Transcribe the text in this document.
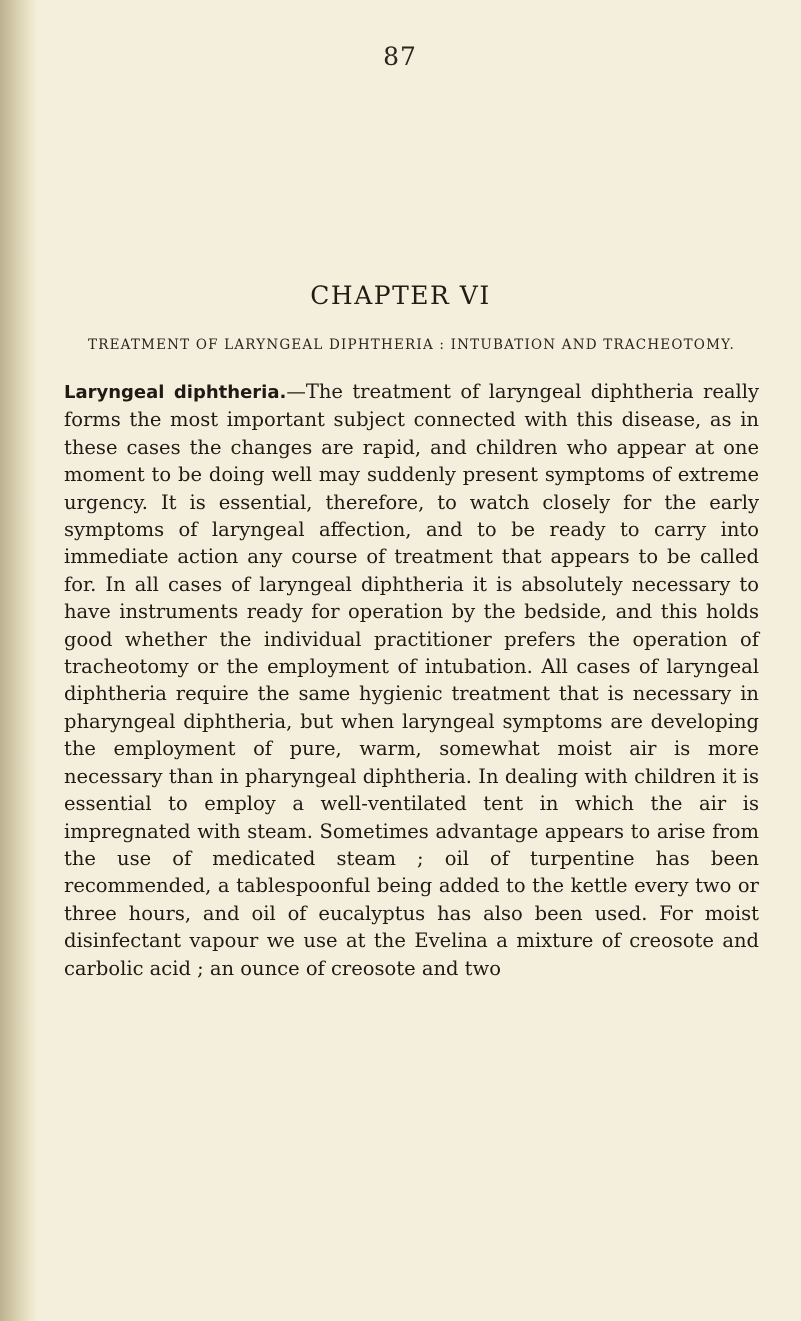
87
CHAPTER VI
TREATMENT OF LARYNGEAL DIPHTHERIA : INTUBATION AND TRACHEOTOMY.
Laryngeal diphtheria.—The treatment of laryngeal diphtheria really forms the most important subject connected with this disease, as in these cases the changes are rapid, and children who appear at one moment to be doing well may suddenly present symptoms of extreme urgency. It is essential, therefore, to watch closely for the early symptoms of laryngeal affection, and to be ready to carry into immediate action any course of treatment that appears to be called for. In all cases of laryngeal diphtheria it is absolutely necessary to have instruments ready for operation by the bedside, and this holds good whether the individual practitioner prefers the operation of tracheotomy or the employment of intubation. All cases of laryngeal diphtheria require the same hygienic treatment that is necessary in pharyngeal diphtheria, but when laryngeal symptoms are developing the employment of pure, warm, somewhat moist air is more necessary than in pharyngeal diphtheria. In dealing with children it is essential to employ a well-ventilated tent in which the air is impregnated with steam. Sometimes advantage appears to arise from the use of medicated steam ; oil of turpentine has been recommended, a tablespoonful being added to the kettle every two or three hours, and oil of eucalyptus has also been used. For moist disinfectant vapour we use at the Evelina a mixture of creosote and carbolic acid ; an ounce of creosote and two
